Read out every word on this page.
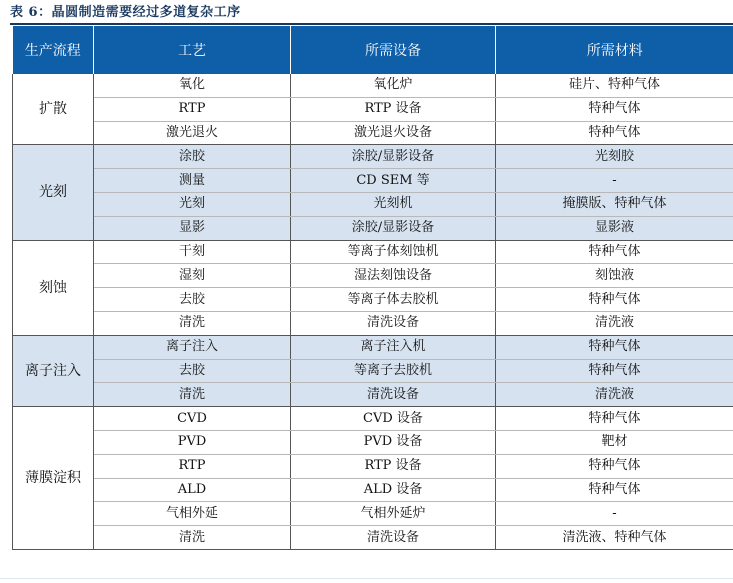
表 6：晶圆制造需要经过多道复杂工序
生产流程	工艺	所需设备	所需材料
扩散	氧化	氧化炉	硅片、特种气体
	RTP	RTP 设备	特种气体
	激光退火	激光退火设备	特种气体
光刻	涂胶	涂胶/显影设备	光刻胶
	测量	CD SEM 等	-
	光刻	光刻机	掩膜版、特种气体
	显影	涂胶/显影设备	显影液
刻蚀	干刻	等离子体刻蚀机	特种气体
	湿刻	湿法刻蚀设备	刻蚀液
	去胶	等离子体去胶机	特种气体
	清洗	清洗设备	清洗液
离子注入	离子注入	离子注入机	特种气体
	去胶	等离子去胶机	特种气体
	清洗	清洗设备	清洗液
薄膜淀积	CVD	CVD 设备	特种气体
	PVD	PVD 设备	靶材
	RTP	RTP 设备	特种气体
	ALD	ALD 设备	特种气体
	气相外延	气相外延炉	-
	清洗	清洗设备	清洗液、特种气体
